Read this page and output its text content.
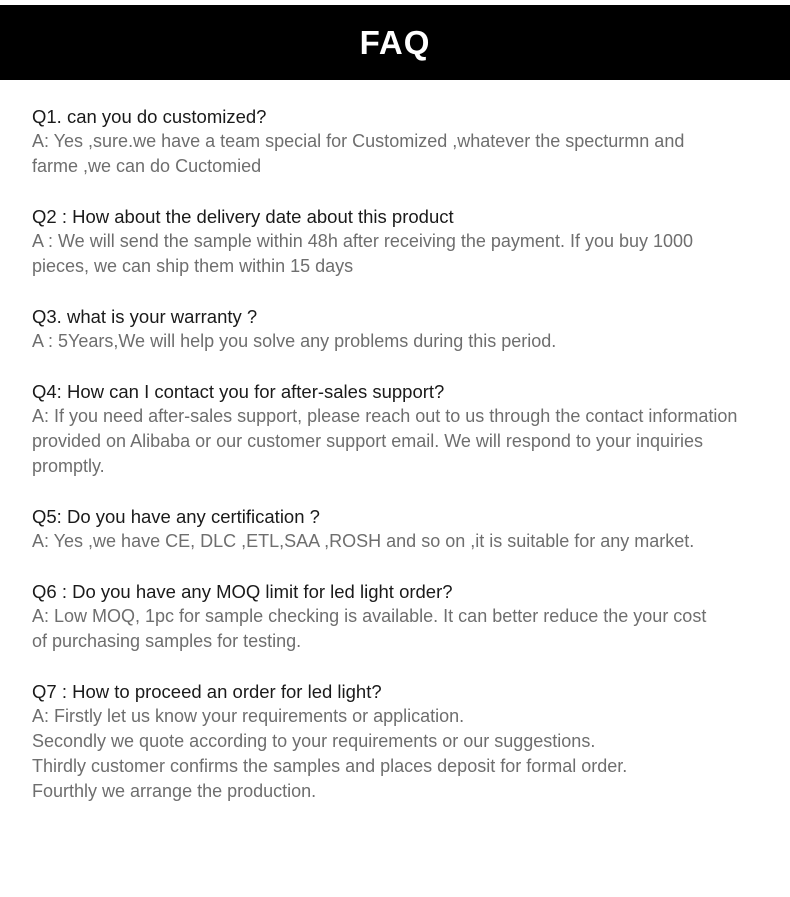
FAQ
Q1. can you do customized?
A: Yes ,sure.we have a team special for Customized ,whatever the specturmn and
farme ,we can do Cuctomied
Q2 : How about the delivery date about this product
A : We will send the sample within 48h after receiving the payment. If you buy 1000
pieces, we can ship them within 15 days
Q3. what is your warranty ?
A : 5Years,We will help you solve any problems during this period.
Q4: How can I contact you for after-sales support?
A: If you need after-sales support, please reach out to us through the contact information
provided on Alibaba or our customer support email. We will respond to your inquiries
promptly.
Q5: Do you have any certification ?
A: Yes ,we have CE, DLC ,ETL,SAA ,ROSH and so on ,it is suitable for any market.
Q6 : Do you have any MOQ limit for led light order?
A: Low MOQ, 1pc for sample checking is available. It can better reduce the your cost
of purchasing samples for testing.
Q7 : How to proceed an order for led light?
A: Firstly let us know your requirements or application.
Secondly we quote according to your requirements or our suggestions.
Thirdly customer confirms the samples and places deposit for formal order.
Fourthly we arrange the production.
